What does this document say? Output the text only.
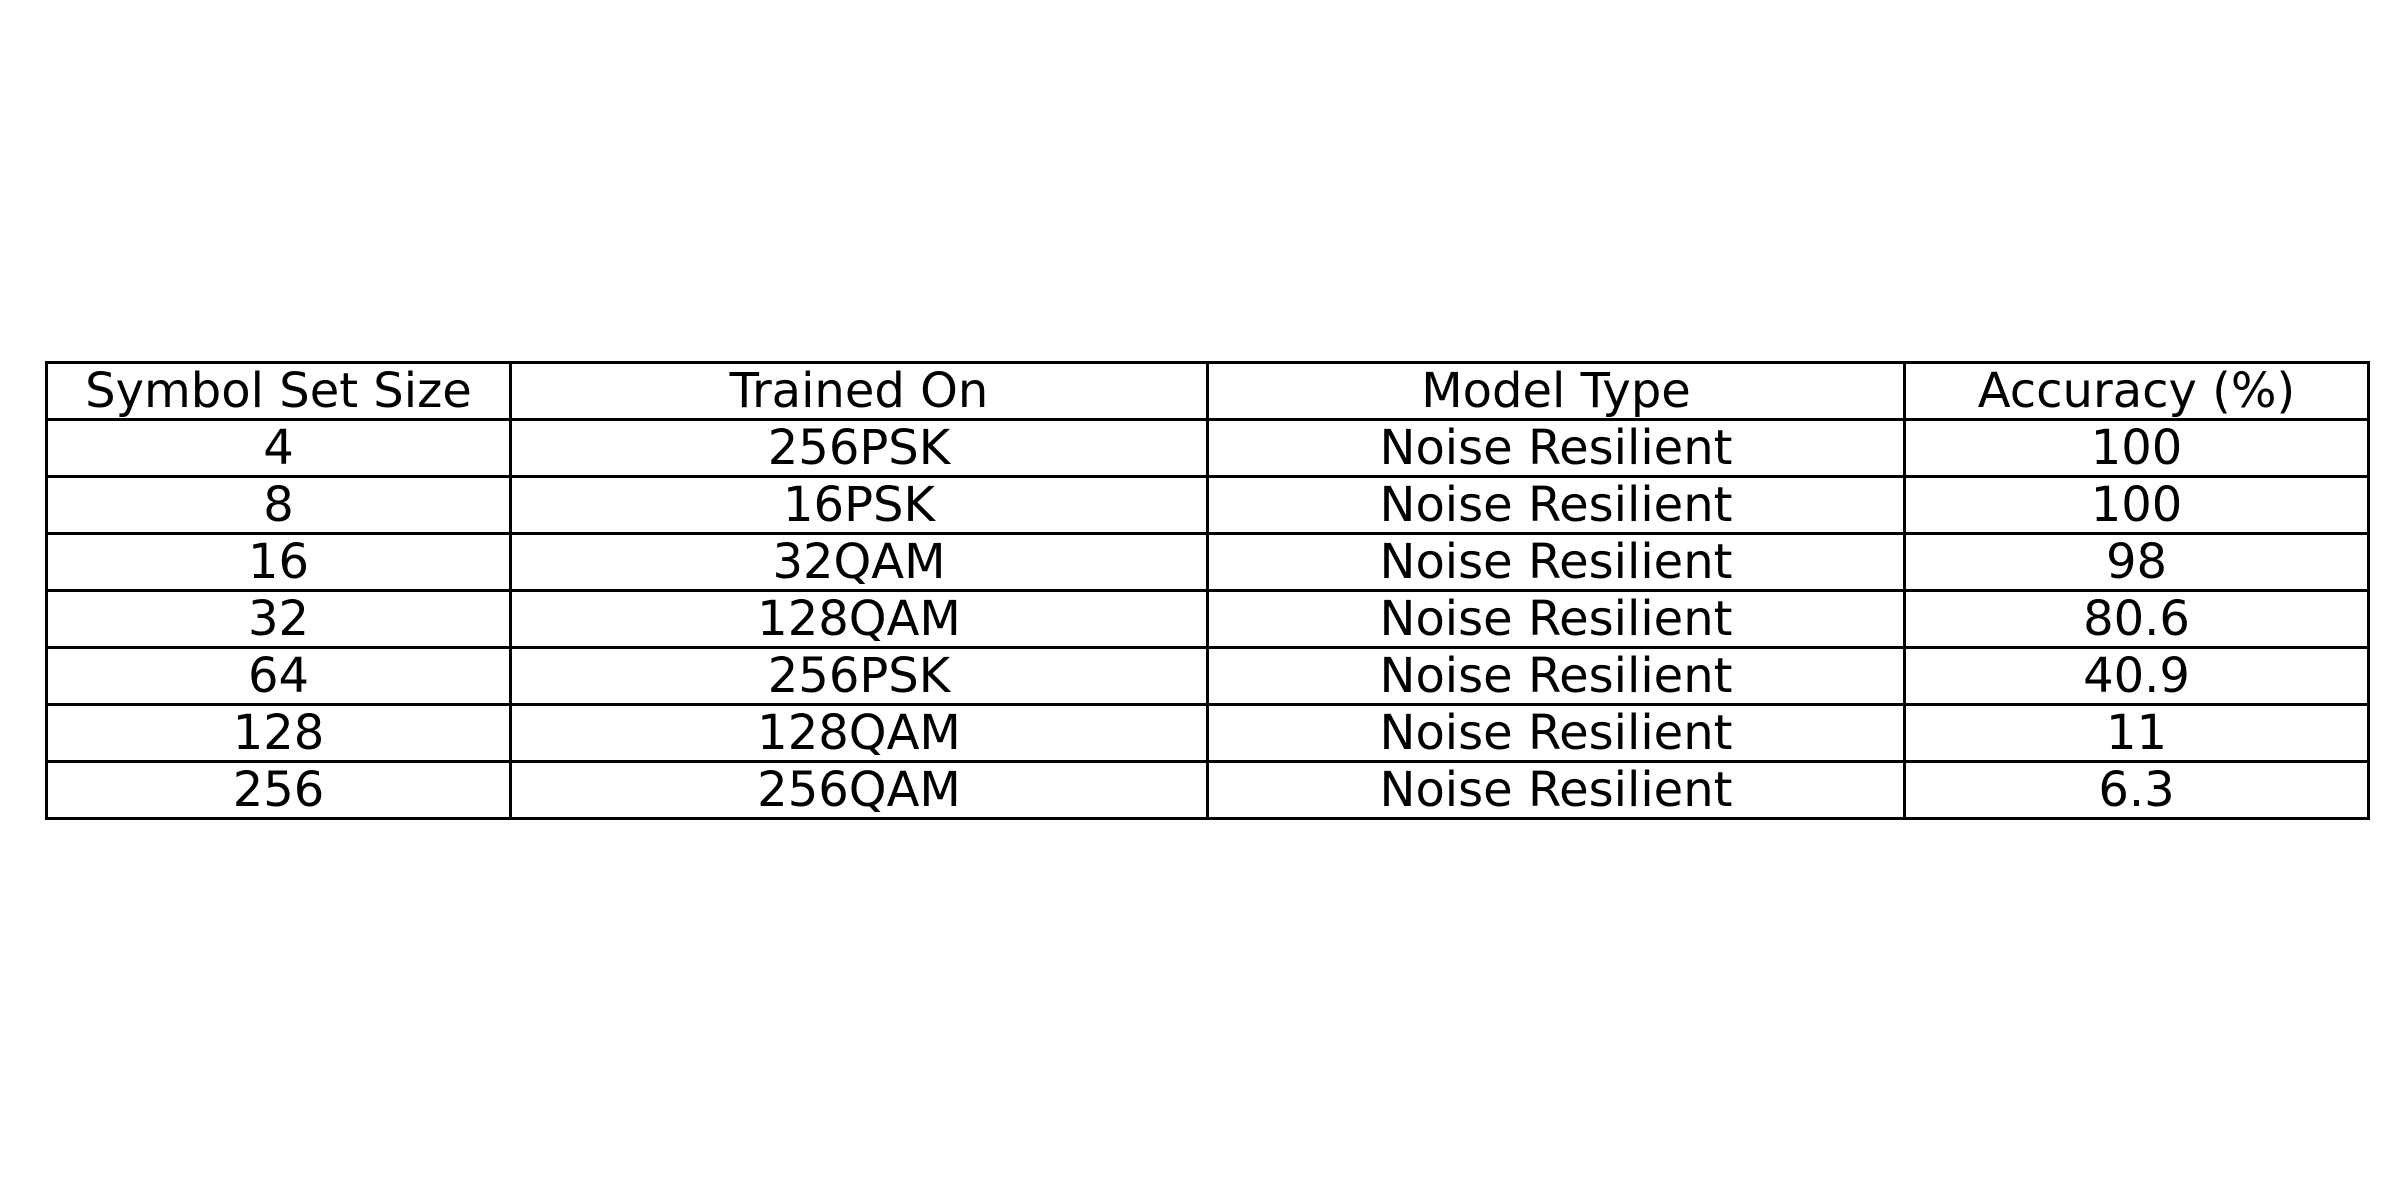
Symbol Set Size	Trained On	Model Type	Accuracy (%)
4	256PSK	Noise Resilient	100
8	16PSK	Noise Resilient	100
16	32QAM	Noise Resilient	98
32	128QAM	Noise Resilient	80.6
64	256PSK	Noise Resilient	40.9
128	128QAM	Noise Resilient	11
256	256QAM	Noise Resilient	6.3
